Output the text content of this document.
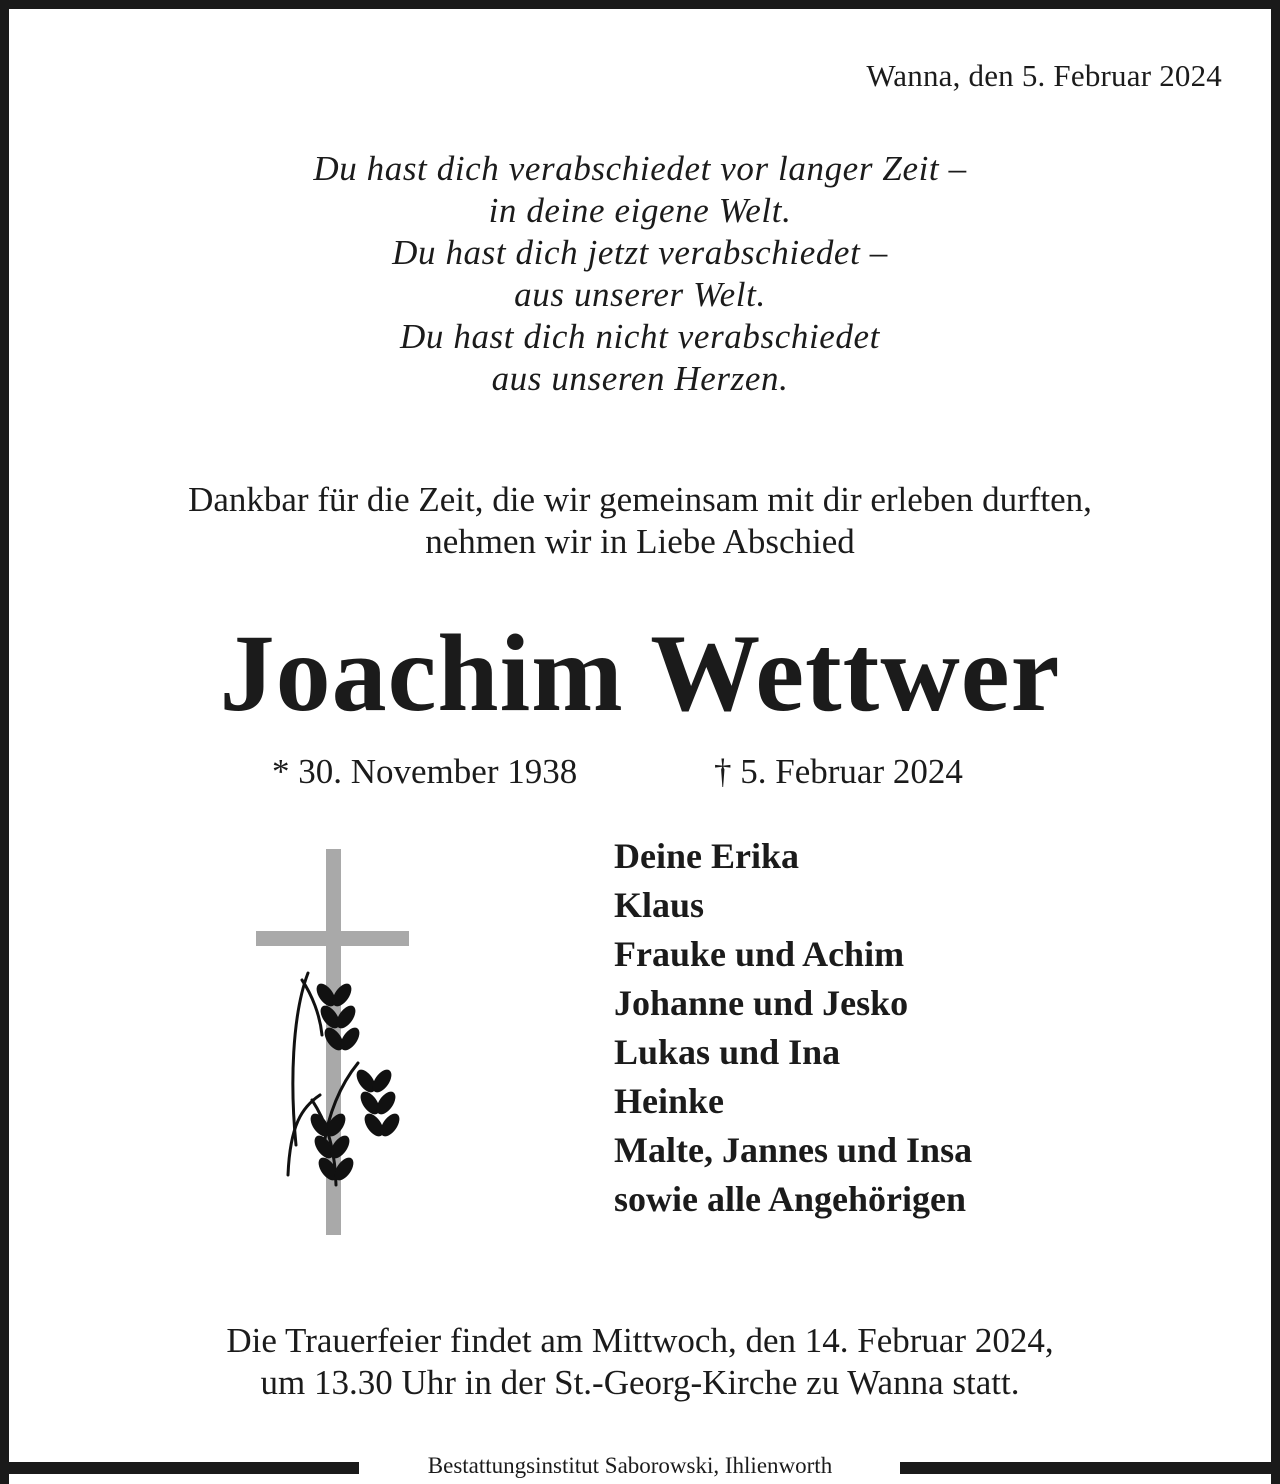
Wanna, den 5. Februar 2024
Du hast dich verabschiedet vor langer Zeit –
in deine eigene Welt.
Du hast dich jetzt verabschiedet –
aus unserer Welt.
Du hast dich nicht verabschiedet
aus unseren Herzen.
Dankbar für die Zeit, die wir gemeinsam mit dir erleben durften,
nehmen wir in Liebe Abschied
Joachim Wettwer
* 30. November 1938	† 5. Februar 2024
Deine Erika
Klaus
Frauke und Achim
Johanne und Jesko
Lukas und Ina
Heinke
Malte, Jannes und Insa
sowie alle Angehörigen
Die Trauerfeier findet am Mittwoch, den 14. Februar 2024,
um 13.30 Uhr in der St.-Georg-Kirche zu Wanna statt.
Bestattungsinstitut Saborowski, Ihlienworth
